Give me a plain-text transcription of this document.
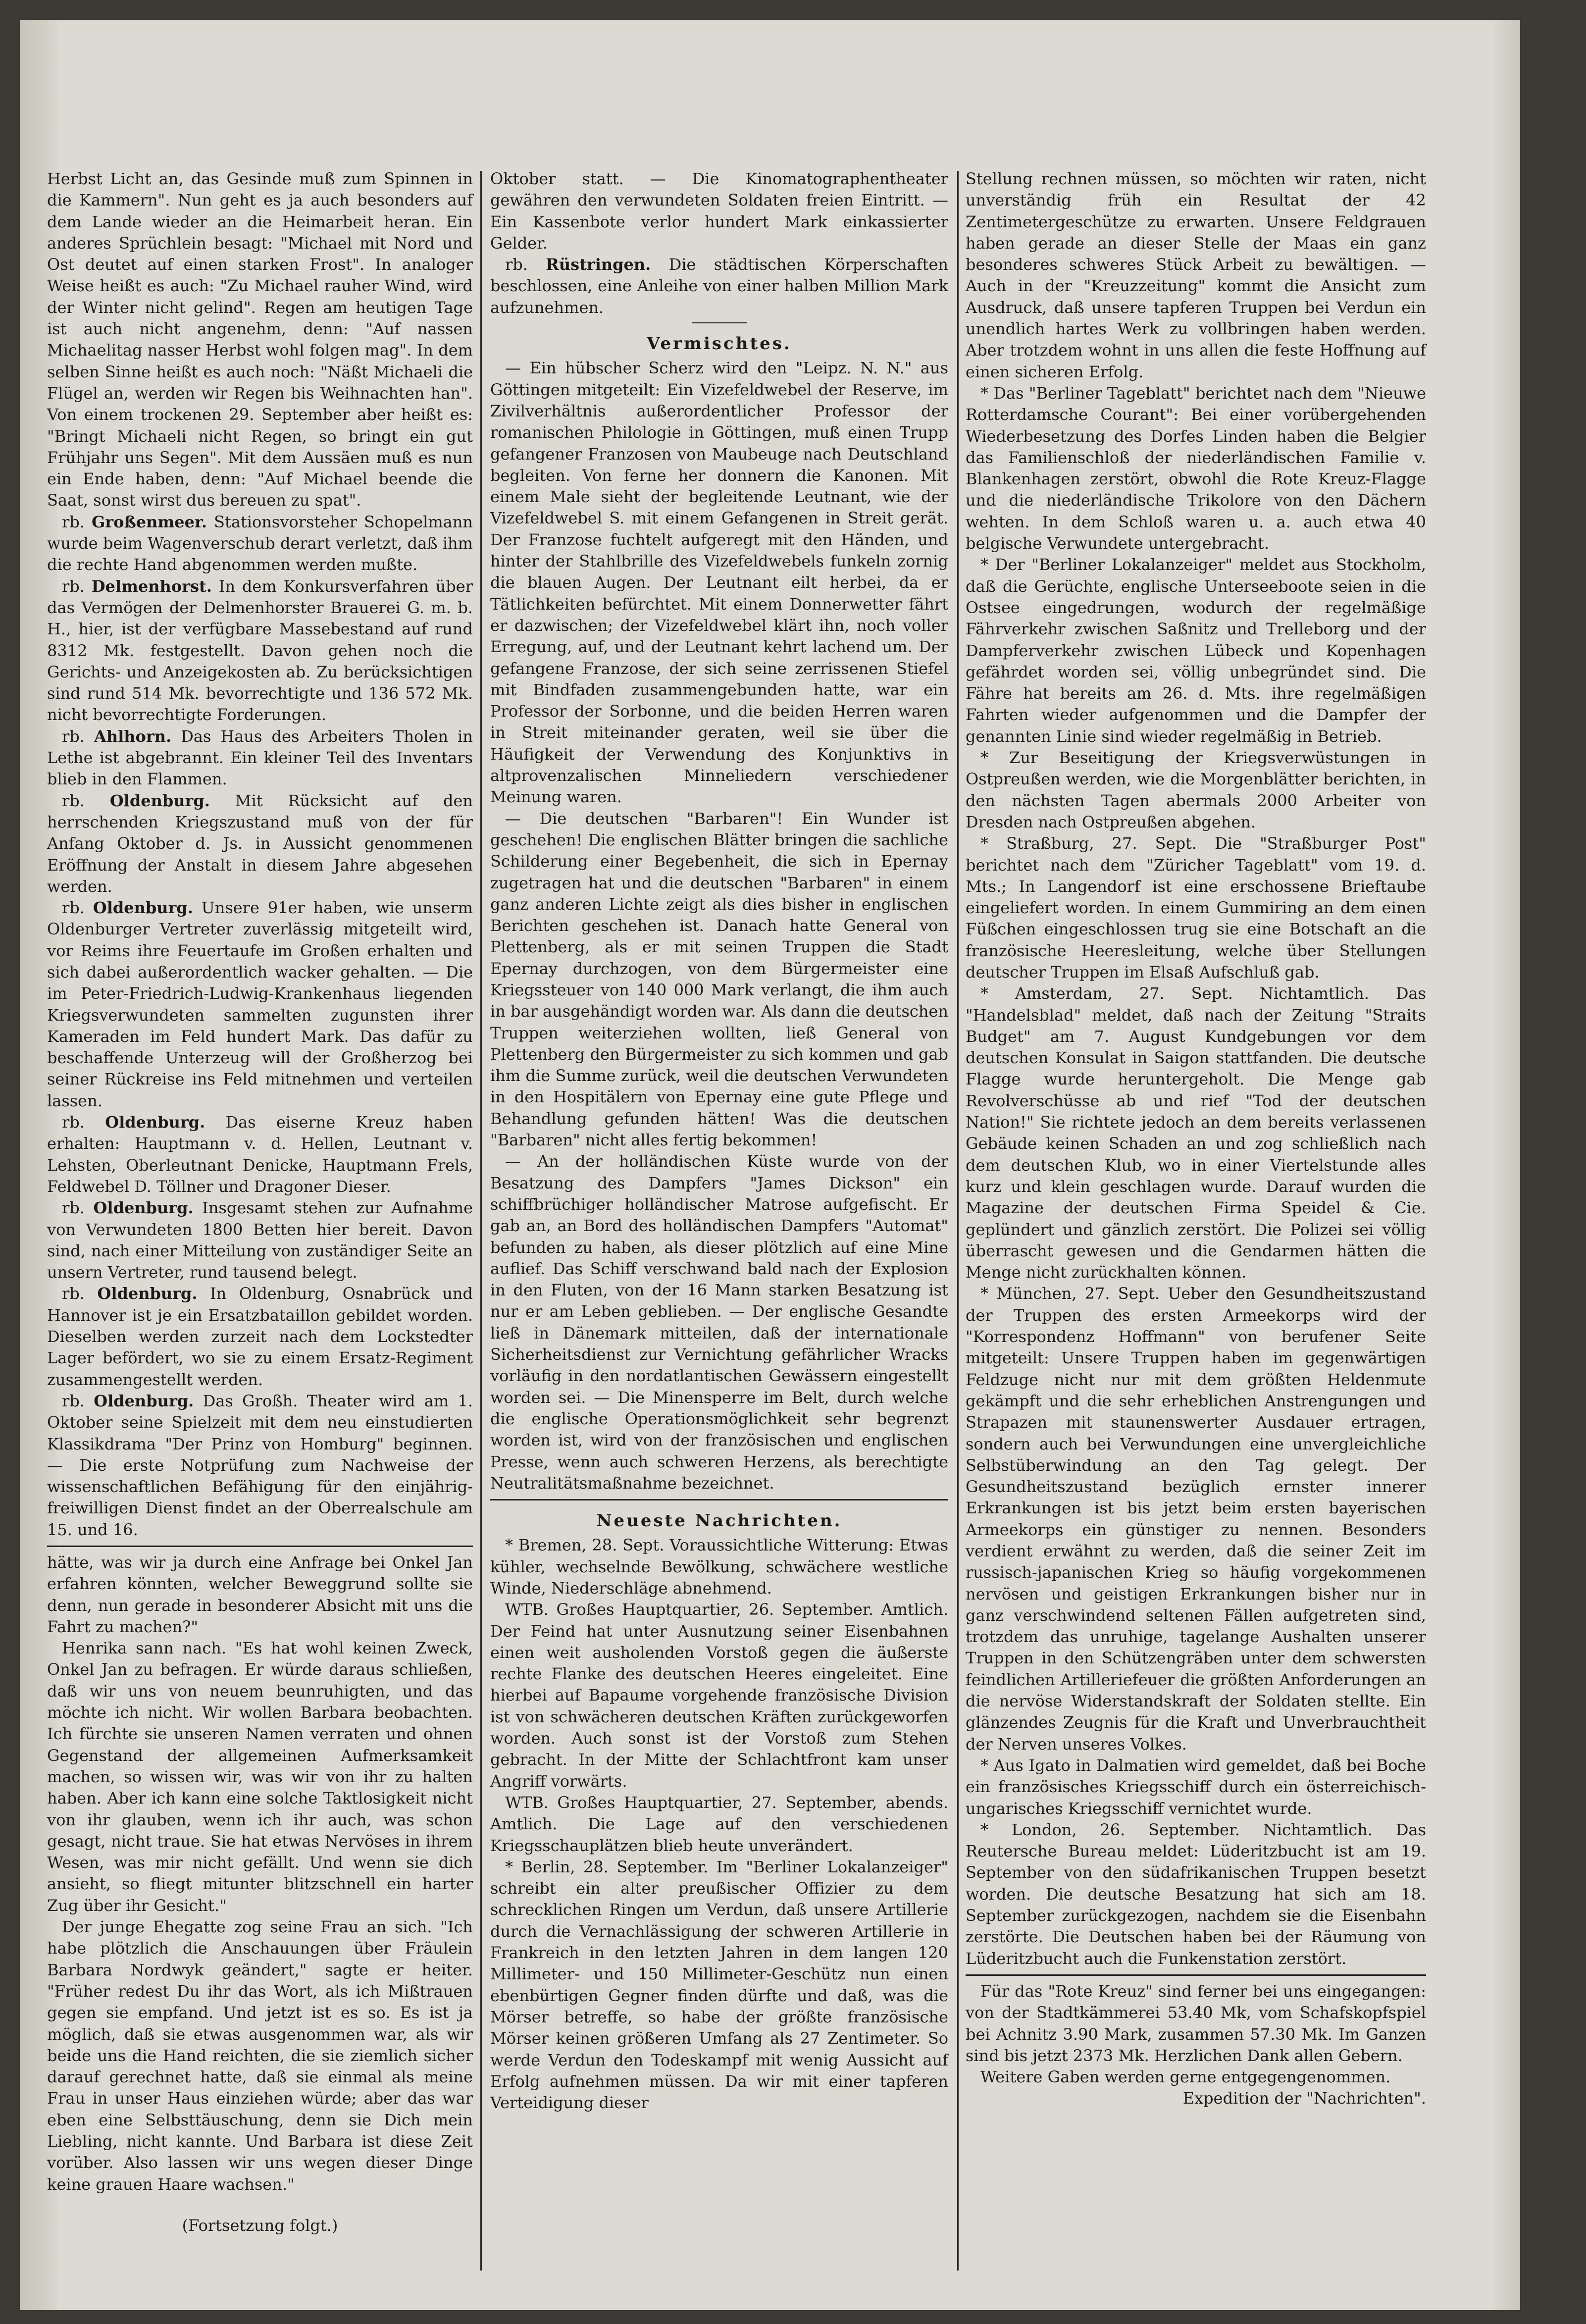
Herbst Licht an, das Gesinde muß zum Spinnen in die Kammern". Nun geht es ja auch besonders auf dem Lande wieder an die Heimarbeit heran. Ein anderes Sprüchlein besagt: "Michael mit Nord und Ost deutet auf einen starken Frost". In analoger Weise heißt es auch: "Zu Michael rauher Wind, wird der Winter nicht gelind". Regen am heutigen Tage ist auch nicht angenehm, denn: "Auf nassen Michaelitag nasser Herbst wohl folgen mag". In dem selben Sinne heißt es auch noch: "Näßt Michaeli die Flügel an, werden wir Regen bis Weihnachten han". Von einem trockenen 29. September aber heißt es: "Bringt Michaeli nicht Regen, so bringt ein gut Frühjahr uns Segen". Mit dem Aussäen muß es nun ein Ende haben, denn: "Auf Michael beende die Saat, sonst wirst dus bereuen zu spat".

rb. Großenmeer. Stationsvorsteher Schopelmann wurde beim Wagenverschub derart verletzt, daß ihm die rechte Hand abgenommen werden mußte.

rb. Delmenhorst. In dem Konkursverfahren über das Vermögen der Delmenhorster Brauerei G. m. b. H., hier, ist der verfügbare Massebestand auf rund 8312 Mk. festgestellt. Davon gehen noch die Gerichts- und Anzeigekosten ab. Zu berücksichtigen sind rund 514 Mk. bevorrechtigte und 136 572 Mk. nicht bevorrechtigte Forderungen.

rb. Ahlhorn. Das Haus des Arbeiters Tholen in Lethe ist abgebrannt. Ein kleiner Teil des Inventars blieb in den Flammen.

rb. Oldenburg. Mit Rücksicht auf den herrschenden Kriegszustand muß von der für Anfang Oktober d. Js. in Aussicht genommenen Eröffnung der Anstalt in diesem Jahre abgesehen werden.

rb. Oldenburg. Unsere 91er haben, wie unserm Oldenburger Vertreter zuverlässig mitgeteilt wird, vor Reims ihre Feuertaufe im Großen erhalten und sich dabei außerordentlich wacker gehalten. — Die im Peter-Friedrich-Ludwig-Krankenhaus liegenden Kriegsverwundeten sammelten zugunsten ihrer Kameraden im Feld hundert Mark. Das dafür zu beschaffende Unterzeug will der Großherzog bei seiner Rückreise ins Feld mitnehmen und verteilen lassen.

rb. Oldenburg. Das eiserne Kreuz haben erhalten: Hauptmann v. d. Hellen, Leutnant v. Lehsten, Oberleutnant Denicke, Hauptmann Frels, Feldwebel D. Töllner und Dragoner Dieser.

rb. Oldenburg. Insgesamt stehen zur Aufnahme von Verwundeten 1800 Betten hier bereit. Davon sind, nach einer Mitteilung von zuständiger Seite an unsern Vertreter, rund tausend belegt.

rb. Oldenburg. In Oldenburg, Osnabrück und Hannover ist je ein Ersatzbataillon gebildet worden. Dieselben werden zurzeit nach dem Lockstedter Lager befördert, wo sie zu einem Ersatz-Regiment zusammengestellt werden.

rb. Oldenburg. Das Großh. Theater wird am 1. Oktober seine Spielzeit mit dem neu einstudierten Klassikdrama "Der Prinz von Homburg" beginnen. — Die erste Notprüfung zum Nachweise der wissenschaftlichen Befähigung für den einjährig-freiwilligen Dienst findet an der Oberrealschule am 15. und 16.

hätte, was wir ja durch eine Anfrage bei Onkel Jan erfahren könnten, welcher Beweggrund sollte sie denn, nun gerade in besonderer Absicht mit uns die Fahrt zu machen?"

Henrika sann nach. "Es hat wohl keinen Zweck, Onkel Jan zu befragen. Er würde daraus schließen, daß wir uns von neuem beunruhigten, und das möchte ich nicht. Wir wollen Barbara beobachten. Ich fürchte sie unseren Namen verraten und ohnen Gegenstand der allgemeinen Aufmerksamkeit machen, so wissen wir, was wir von ihr zu halten haben. Aber ich kann eine solche Taktlosigkeit nicht von ihr glauben, wenn ich ihr auch, was schon gesagt, nicht traue. Sie hat etwas Nervöses in ihrem Wesen, was mir nicht gefällt. Und wenn sie dich ansieht, so fliegt mitunter blitzschnell ein harter Zug über ihr Gesicht."

Der junge Ehegatte zog seine Frau an sich. "Ich habe plötzlich die Anschauungen über Fräulein Barbara Nordwyk geändert," sagte er heiter. "Früher redest Du ihr das Wort, als ich Mißtrauen gegen sie empfand. Und jetzt ist es so. Es ist ja möglich, daß sie etwas ausgenommen war, als wir beide uns die Hand reichten, die sie ziemlich sicher darauf gerechnet hatte, daß sie einmal als meine Frau in unser Haus einziehen würde; aber das war eben eine Selbsttäuschung, denn sie Dich mein Liebling, nicht kannte. Und Barbara ist diese Zeit vorüber. Also lassen wir uns wegen dieser Dinge keine grauen Haare wachsen."

(Fortsetzung folgt.)

Oktober statt. — Die Kinomatographentheater gewähren den verwundeten Soldaten freien Eintritt. — Ein Kassenbote verlor hundert Mark einkassierter Gelder.

rb. Rüstringen. Die städtischen Körperschaften beschlossen, eine Anleihe von einer halben Million Mark aufzunehmen.

Vermischtes.

— Ein hübscher Scherz wird den "Leipz. N. N." aus Göttingen mitgeteilt: Ein Vizefeldwebel der Reserve, im Zivilverhältnis außerordentlicher Professor der romanischen Philologie in Göttingen, muß einen Trupp gefangener Franzosen von Maubeuge nach Deutschland begleiten. Von ferne her donnern die Kanonen. Mit einem Male sieht der begleitende Leutnant, wie der Vizefeldwebel S. mit einem Gefangenen in Streit gerät. Der Franzose fuchtelt aufgeregt mit den Händen, und hinter der Stahlbrille des Vizefeldwebels funkeln zornig die blauen Augen. Der Leutnant eilt herbei, da er Tätlichkeiten befürchtet. Mit einem Donnerwetter fährt er dazwischen; der Vizefeldwebel klärt ihn, noch voller Erregung, auf, und der Leutnant kehrt lachend um. Der gefangene Franzose, der sich seine zerrissenen Stiefel mit Bindfaden zusammengebunden hatte, war ein Professor der Sorbonne, und die beiden Herren waren in Streit miteinander geraten, weil sie über die Häufigkeit der Verwendung des Konjunktivs in altprovenzalischen Minneliedern verschiedener Meinung waren.

— Die deutschen "Barbaren"! Ein Wunder ist geschehen! Die englischen Blätter bringen die sachliche Schilderung einer Begebenheit, die sich in Epernay zugetragen hat und die deutschen "Barbaren" in einem ganz anderen Lichte zeigt als dies bisher in englischen Berichten geschehen ist. Danach hatte General von Plettenberg, als er mit seinen Truppen die Stadt Epernay durchzogen, von dem Bürgermeister eine Kriegssteuer von 140 000 Mark verlangt, die ihm auch in bar ausgehändigt worden war. Als dann die deutschen Truppen weiterziehen wollten, ließ General von Plettenberg den Bürgermeister zu sich kommen und gab ihm die Summe zurück, weil die deutschen Verwundeten in den Hospitälern von Epernay eine gute Pflege und Behandlung gefunden hätten! Was die deutschen "Barbaren" nicht alles fertig bekommen!

— An der holländischen Küste wurde von der Besatzung des Dampfers "James Dickson" ein schiffbrüchiger holländischer Matrose aufgefischt. Er gab an, an Bord des holländischen Dampfers "Automat" befunden zu haben, als dieser plötzlich auf eine Mine auflief. Das Schiff verschwand bald nach der Explosion in den Fluten, von der 16 Mann starken Besatzung ist nur er am Leben geblieben. — Der englische Gesandte ließ in Dänemark mitteilen, daß der internationale Sicherheitsdienst zur Vernichtung gefährlicher Wracks vorläufig in den nordatlantischen Gewässern eingestellt worden sei. — Die Minensperre im Belt, durch welche die englische Operationsmöglichkeit sehr begrenzt worden ist, wird von der französischen und englischen Presse, wenn auch schweren Herzens, als berechtigte Neutralitätsmaßnahme bezeichnet.

Neueste Nachrichten.

* Bremen, 28. Sept. Voraussichtliche Witterung: Etwas kühler, wechselnde Bewölkung, schwächere westliche Winde, Niederschläge abnehmend.

WTB. Großes Hauptquartier, 26. September. Amtlich. Der Feind hat unter Ausnutzung seiner Eisenbahnen einen weit ausholenden Vorstoß gegen die äußerste rechte Flanke des deutschen Heeres eingeleitet. Eine hierbei auf Bapaume vorgehende französische Division ist von schwächeren deutschen Kräften zurückgeworfen worden. Auch sonst ist der Vorstoß zum Stehen gebracht. In der Mitte der Schlachtfront kam unser Angriff vorwärts.

WTB. Großes Hauptquartier, 27. September, abends. Amtlich. Die Lage auf den verschiedenen Kriegsschauplätzen blieb heute unverändert.

* Berlin, 28. September. Im "Berliner Lokalanzeiger" schreibt ein alter preußischer Offizier zu dem schrecklichen Ringen um Verdun, daß unsere Artillerie durch die Vernachlässigung der schweren Artillerie in Frankreich in den letzten Jahren in dem langen 120 Millimeter- und 150 Millimeter-Geschütz nun einen ebenbürtigen Gegner finden dürfte und daß, was die Mörser betreffe, so habe der größte französische Mörser keinen größeren Umfang als 27 Zentimeter. So werde Verdun den Todeskampf mit wenig Aussicht auf Erfolg aufnehmen müssen. Da wir mit einer tapferen Verteidigung dieser

Stellung rechnen müssen, so möchten wir raten, nicht unverständig früh ein Resultat der 42 Zentimetergeschütze zu erwarten. Unsere Feldgrauen haben gerade an dieser Stelle der Maas ein ganz besonderes schweres Stück Arbeit zu bewältigen. — Auch in der "Kreuzzeitung" kommt die Ansicht zum Ausdruck, daß unsere tapferen Truppen bei Verdun ein unendlich hartes Werk zu vollbringen haben werden. Aber trotzdem wohnt in uns allen die feste Hoffnung auf einen sicheren Erfolg.

* Das "Berliner Tageblatt" berichtet nach dem "Nieuwe Rotterdamsche Courant": Bei einer vorübergehenden Wiederbesetzung des Dorfes Linden haben die Belgier das Familienschloß der niederländischen Familie v. Blankenhagen zerstört, obwohl die Rote Kreuz-Flagge und die niederländische Trikolore von den Dächern wehten. In dem Schloß waren u. a. auch etwa 40 belgische Verwundete untergebracht.

* Der "Berliner Lokalanzeiger" meldet aus Stockholm, daß die Gerüchte, englische Unterseeboote seien in die Ostsee eingedrungen, wodurch der regelmäßige Fährverkehr zwischen Saßnitz und Trelleborg und der Dampferverkehr zwischen Lübeck und Kopenhagen gefährdet worden sei, völlig unbegründet sind. Die Fähre hat bereits am 26. d. Mts. ihre regelmäßigen Fahrten wieder aufgenommen und die Dampfer der genannten Linie sind wieder regelmäßig in Betrieb.

* Zur Beseitigung der Kriegsverwüstungen in Ostpreußen werden, wie die Morgenblätter berichten, in den nächsten Tagen abermals 2000 Arbeiter von Dresden nach Ostpreußen abgehen.

* Straßburg, 27. Sept. Die "Straßburger Post" berichtet nach dem "Züricher Tageblatt" vom 19. d. Mts.; In Langendorf ist eine erschossene Brieftaube eingeliefert worden. In einem Gummiring an dem einen Füßchen eingeschlossen trug sie eine Botschaft an die französische Heeresleitung, welche über Stellungen deutscher Truppen im Elsaß Aufschluß gab.

* Amsterdam, 27. Sept. Nichtamtlich. Das "Handelsblad" meldet, daß nach der Zeitung "Straits Budget" am 7. August Kundgebungen vor dem deutschen Konsulat in Saigon stattfanden. Die deutsche Flagge wurde heruntergeholt. Die Menge gab Revolverschüsse ab und rief "Tod der deutschen Nation!" Sie richtete jedoch an dem bereits verlassenen Gebäude keinen Schaden an und zog schließlich nach dem deutschen Klub, wo in einer Viertelstunde alles kurz und klein geschlagen wurde. Darauf wurden die Magazine der deutschen Firma Speidel & Cie. geplündert und gänzlich zerstört. Die Polizei sei völlig überrascht gewesen und die Gendarmen hätten die Menge nicht zurückhalten können.

* München, 27. Sept. Ueber den Gesundheitszustand der Truppen des ersten Armeekorps wird der "Korrespondenz Hoffmann" von berufener Seite mitgeteilt: Unsere Truppen haben im gegenwärtigen Feldzuge nicht nur mit dem größten Heldenmute gekämpft und die sehr erheblichen Anstrengungen und Strapazen mit staunenswerter Ausdauer ertragen, sondern auch bei Verwundungen eine unvergleichliche Selbstüberwindung an den Tag gelegt. Der Gesundheitszustand bezüglich ernster innerer Erkrankungen ist bis jetzt beim ersten bayerischen Armeekorps ein günstiger zu nennen. Besonders verdient erwähnt zu werden, daß die seiner Zeit im russisch-japanischen Krieg so häufig vorgekommenen nervösen und geistigen Erkrankungen bisher nur in ganz verschwindend seltenen Fällen aufgetreten sind, trotzdem das unruhige, tagelange Aushalten unserer Truppen in den Schützengräben unter dem schwersten feindlichen Artilleriefeuer die größten Anforderungen an die nervöse Widerstandskraft der Soldaten stellte. Ein glänzendes Zeugnis für die Kraft und Unverbrauchtheit der Nerven unseres Volkes.

* Aus Igato in Dalmatien wird gemeldet, daß bei Boche ein französisches Kriegsschiff durch ein österreichisch-ungarisches Kriegsschiff vernichtet wurde.

* London, 26. September. Nichtamtlich. Das Reutersche Bureau meldet: Lüderitzbucht ist am 19. September von den südafrikanischen Truppen besetzt worden. Die deutsche Besatzung hat sich am 18. September zurückgezogen, nachdem sie die Eisenbahn zerstörte. Die Deutschen haben bei der Räumung von Lüderitzbucht auch die Funkenstation zerstört.

Für das "Rote Kreuz" sind ferner bei uns eingegangen: von der Stadtkämmerei 53.40 Mk, vom Schafskopfspiel bei Achnitz 3.90 Mark, zusammen 57.30 Mk. Im Ganzen sind bis jetzt 2373 Mk. Herzlichen Dank allen Gebern.

Weitere Gaben werden gerne entgegengenommen.

Expedition der "Nachrichten".
